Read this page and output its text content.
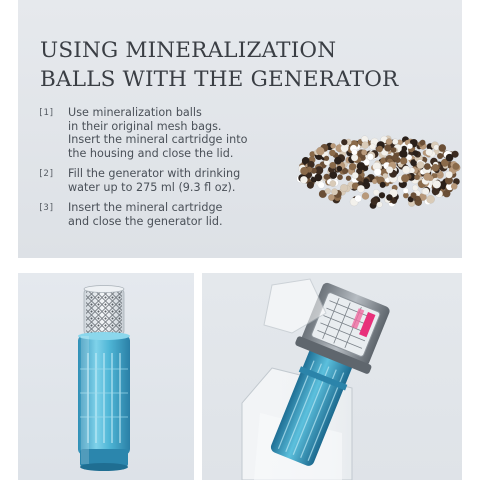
USING MINERALIZATION
BALLS WITH THE GENERATOR
[1]	Use mineralization balls
in their original mesh bags.
Insert the mineral cartridge into
the housing and close the lid.
[2]	Fill the generator with drinking
water up to 275 ml (9.3 fl oz).
[3]	Insert the mineral cartridge
and close the generator lid.
